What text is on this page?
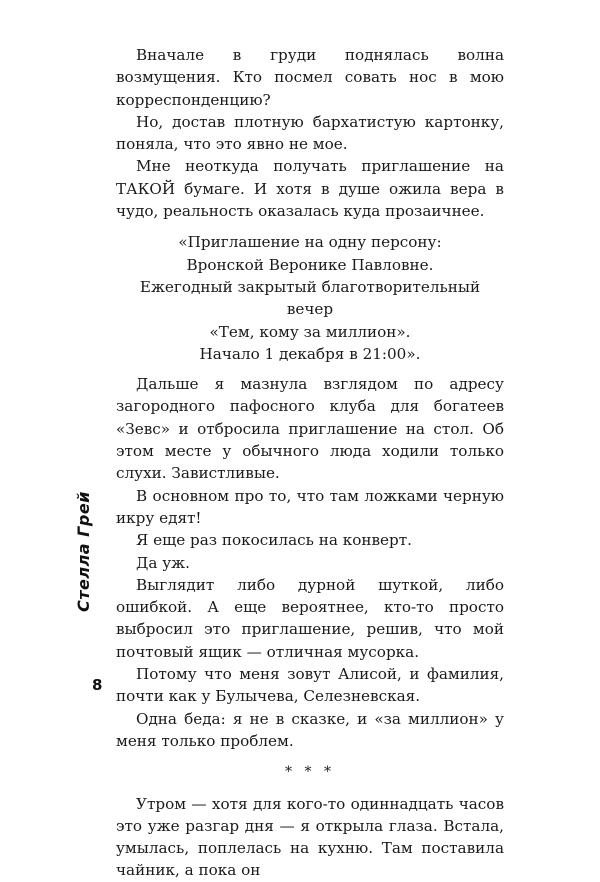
Стелла Грей
8

Вначале в груди поднялась волна возмущения. Кто посмел совать нос в мою корреспонденцию?

Но, достав плотную бархатистую картонку, поняла, что это явно не мое.

Мне неоткуда получать приглашение на ТАКОЙ бумаге. И хотя в душе ожила вера в чудо, реальность оказалась куда прозаичнее.

«Приглашение на одну персону:
Вронской Веронике Павловне.
Ежегодный закрытый благотворительный вечер
«Тем, кому за миллион».
Начало 1 декабря в 21:00».

Дальше я мазнула взглядом по адресу загородного пафосного клуба для богатеев «Зевс» и отбросила приглашение на стол. Об этом месте у обычного люда ходили только слухи. Завистливые.

В основном про то, что там ложками черную икру едят!

Я еще раз покосилась на конверт.

Да уж.

Выглядит либо дурной шуткой, либо ошибкой. А еще вероятнее, кто-то просто выбросил это приглашение, решив, что мой почтовый ящик — отличная мусорка.

Потому что меня зовут Алисой, и фамилия, почти как у Булычева, Селезневская.

Одна беда: я не в сказке, и «за миллион» у меня только проблем.

* * *

Утром — хотя для кого-то одиннадцать часов это уже разгар дня — я открыла глаза. Встала, умылась, поплелась на кухню. Там поставила чайник, а пока он
